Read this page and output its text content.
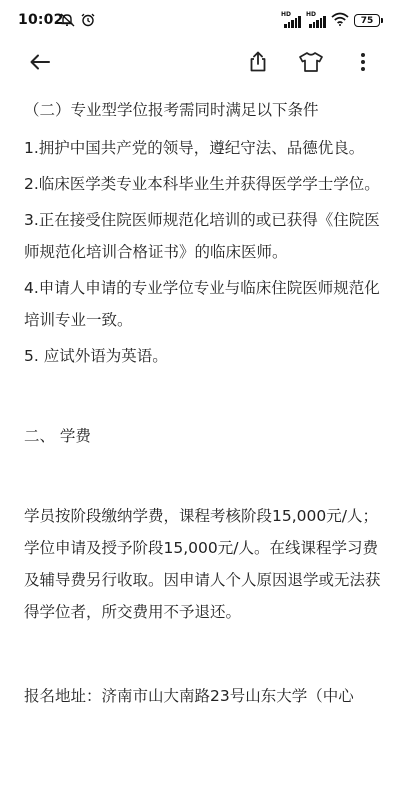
10:02	HD HD
75

（二）专业型学位报考需同时满足以下条件

1.拥护中国共产党的领导，遵纪守法、品德优良。

2.临床医学类专业本科毕业生并获得医学学士学位。

3.正在接受住院医师规范化培训的或已获得《住院医师规范化培训合格证书》的临床医师。

4.申请人申请的专业学位专业与临床住院医师规范化培训专业一致。

5. 应试外语为英语。

二、 学费

学员按阶段缴纳学费，课程考核阶段15,000元/人；学位申请及授予阶段15,000元/人。在线课程学习费及辅导费另行收取。因申请人个人原因退学或无法获得学位者，所交费用不予退还。

报名地址：济南市山大南路23号山东大学（中心
